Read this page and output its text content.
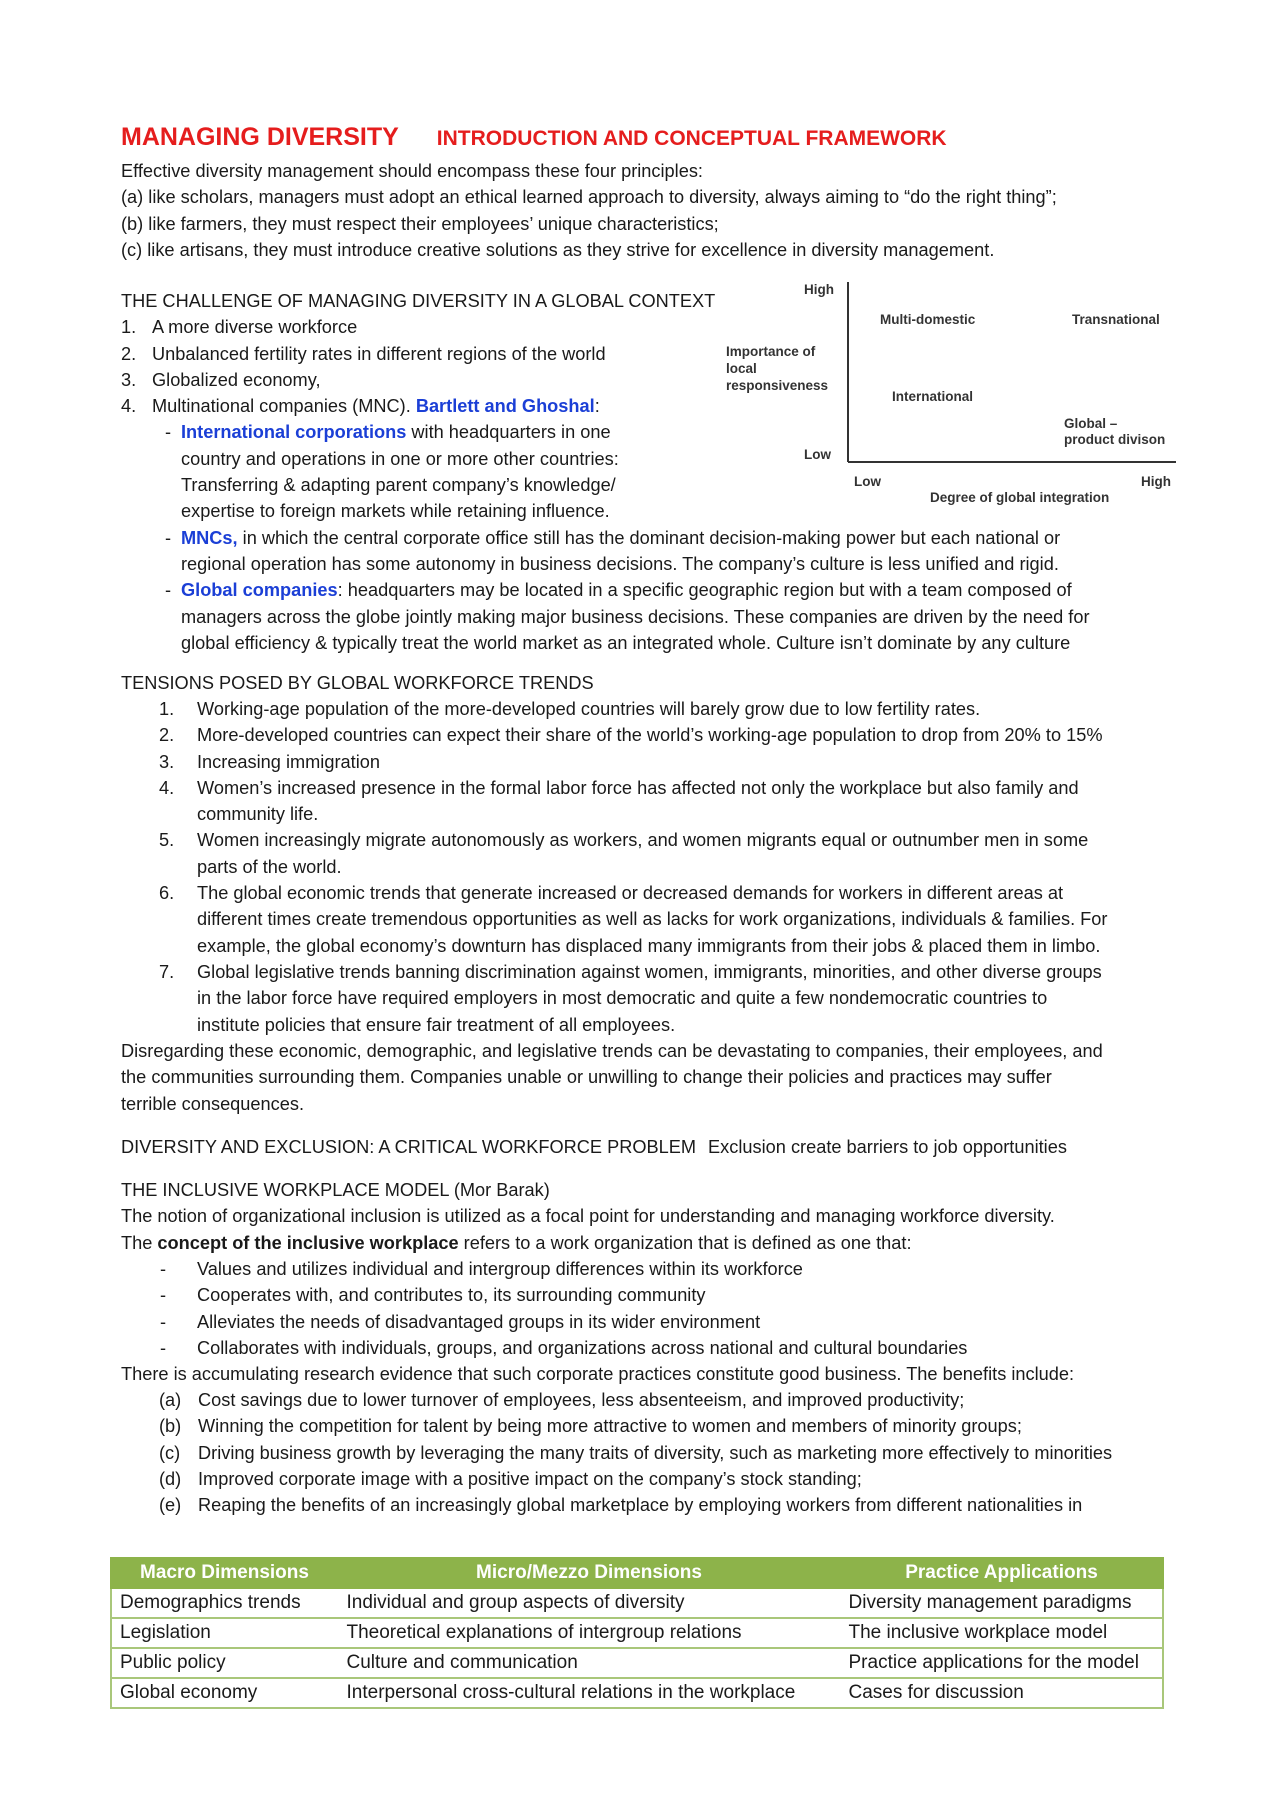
MANAGING DIVERSITY INTRODUCTION AND CONCEPTUAL FRAMEWORK
Effective diversity management should encompass these four principles:
(a) like scholars, managers must adopt an ethical learned approach to diversity, always aiming to “do the right thing”;
(b) like farmers, they must respect their employees’ unique characteristics;
(c) like artisans, they must introduce creative solutions as they strive for excellence in diversity management.
THE CHALLENGE OF MANAGING DIVERSITY IN A GLOBAL CONTEXT
1. A more diverse workforce
2. Unbalanced fertility rates in different regions of the world
3. Globalized economy,
4. Multinational companies (MNC). Bartlett and Ghoshal:
- International corporations with headquarters in one
country and operations in one or more other countries:
Transferring & adapting parent company’s knowledge/
expertise to foreign markets while retaining influence.
- MNCs, in which the central corporate office still has the dominant decision-making power but each national or
regional operation has some autonomy in business decisions. The company’s culture is less unified and rigid.
- Global companies: headquarters may be located in a specific geographic region but with a team composed of
managers across the globe jointly making major business decisions. These companies are driven by the need for
global efficiency & typically treat the world market as an integrated whole. Culture isn’t dominate by any culture
High
Low
Importance of
local
responsiveness
Multi-domestic	Transnational
International
Global –
product divison
Low	High
Degree of global integration
TENSIONS POSED BY GLOBAL WORKFORCE TRENDS
1. Working-age population of the more-developed countries will barely grow due to low fertility rates.
2. More-developed countries can expect their share of the world’s working-age population to drop from 20% to 15%
3. Increasing immigration
4. Women’s increased presence in the formal labor force has affected not only the workplace but also family and
community life.
5. Women increasingly migrate autonomously as workers, and women migrants equal or outnumber men in some
parts of the world.
6. The global economic trends that generate increased or decreased demands for workers in different areas at
different times create tremendous opportunities as well as lacks for work organizations, individuals & families. For
example, the global economy’s downturn has displaced many immigrants from their jobs & placed them in limbo.
7. Global legislative trends banning discrimination against women, immigrants, minorities, and other diverse groups
in the labor force have required employers in most democratic and quite a few nondemocratic countries to
institute policies that ensure fair treatment of all employees.
Disregarding these economic, demographic, and legislative trends can be devastating to companies, their employees, and
the communities surrounding them. Companies unable or unwilling to change their policies and practices may suffer
terrible consequences.
DIVERSITY AND EXCLUSION: A CRITICAL WORKFORCE PROBLEM Exclusion create barriers to job opportunities
THE INCLUSIVE WORKPLACE MODEL (Mor Barak)
The notion of organizational inclusion is utilized as a focal point for understanding and managing workforce diversity.
The concept of the inclusive workplace refers to a work organization that is defined as one that:
- Values and utilizes individual and intergroup differences within its workforce
- Cooperates with, and contributes to, its surrounding community
- Alleviates the needs of disadvantaged groups in its wider environment
- Collaborates with individuals, groups, and organizations across national and cultural boundaries
There is accumulating research evidence that such corporate practices constitute good business. The benefits include:
(a) Cost savings due to lower turnover of employees, less absenteeism, and improved productivity;
(b) Winning the competition for talent by being more attractive to women and members of minority groups;
(c) Driving business growth by leveraging the many traits of diversity, such as marketing more effectively to minorities
(d) Improved corporate image with a positive impact on the company’s stock standing;
(e) Reaping the benefits of an increasingly global marketplace by employing workers from different nationalities in
Macro Dimensions	Micro/Mezzo Dimensions	Practice Applications
Demographics trends	Individual and group aspects of diversity	Diversity management paradigms
Legislation	Theoretical explanations of intergroup relations	The inclusive workplace model
Public policy	Culture and communication	Practice applications for the model
Global economy	Interpersonal cross-cultural relations in the workplace	Cases for discussion
